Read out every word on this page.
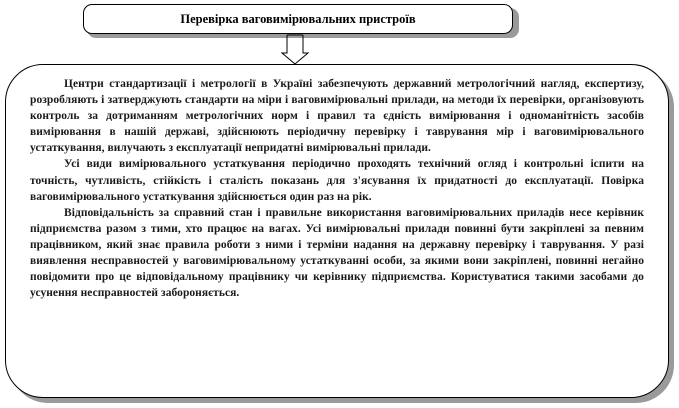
Перевірка ваговимірювальних пристроїв

Центри стандартизації і метрології в Україні забезпечують державний метрологічний нагляд, експертизу, розробляють і затверджують стандарти на міри і ваговимірювальні прилади, на методи їх перевірки, організовують контроль за дотриманням метрологічних норм і правил та єдність вимірювання і одноманітність засобів вимірювання в нашій державі, здійснюють періодичну перевірку і таврування мір і ваговимірювального устаткування, вилучають з експлуатації непридатні вимірювальні прилади.

Усі види вимірювального устаткування періодично проходять технічний огляд і контрольні іспити на точність, чутливість, стійкість і сталість показань для з'ясування їх придатності до експлуатації. Повірка ваговимірювального устаткування здійснюється один раз на рік.

Відповідальність за справний стан і правильне використання ваговимірювальних приладів несе керівник підприємства разом з тими, хто працює на вагах. Усі вимірювальні прилади повинні бути закріплені за певним працівником, який знає правила роботи з ними і терміни надання на державну перевірку і таврування. У разі виявлення несправностей у ваговимірювальному устаткуванні особи, за якими вони закріплені, повинні негайно повідомити про це відповідальному працівнику чи керівнику підприємства. Користуватися такими засобами до усунення несправностей забороняється.
